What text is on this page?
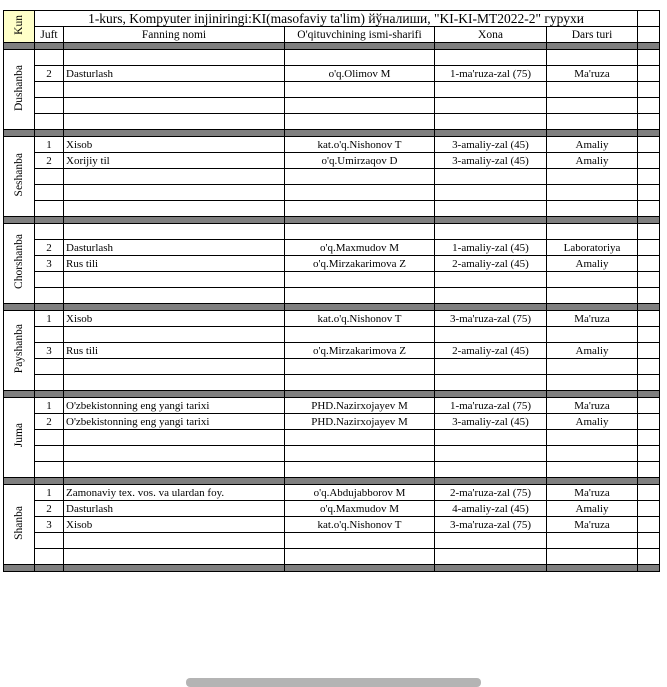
Kun	1-kurs, Kompyuter injiniringi:KI(masofaviy ta'lim) йўналиши, "KI-KI-MT2022-2" гурухи					
	Juft	Fanning nomi	O'qituvchining ismi-sharifi	Xona	Dars turi	

Dushanba						
	2	Dasturlash	o'q.Olimov M	1-ma'ruza-zal (75)	Ma'ruza	

Seshanba	1	Xisob	kat.o'q.Nishonov T	3-amaliy-zal (45)	Amaliy	
	2	Xorijiy til	o'q.Umirzaqov D	3-amaliy-zal (45)	Amaliy	

Chorshanba						
	2	Dasturlash	o'q.Maxmudov M	1-amaliy-zal (45)	Laboratoriya	
	3	Rus tili	o'q.Mirzakarimova Z	2-amaliy-zal (45)	Amaliy	

Payshanba	1	Xisob	kat.o'q.Nishonov T	3-ma'ruza-zal (75)	Ma'ruza	

	3	Rus tili	o'q.Mirzakarimova Z	2-amaliy-zal (45)	Amaliy	

Juma	1	O'zbekistonning eng yangi tarixi	PHD.Nazirxojayev M	1-ma'ruza-zal (75)	Ma'ruza	
	2	O'zbekistonning eng yangi tarixi	PHD.Nazirxojayev M	3-amaliy-zal (45)	Amaliy	

Shanba	1	Zamonaviy tex. vos. va ulardan foy.	o'q.Abdujabborov M	2-ma'ruza-zal (75)	Ma'ruza	
	2	Dasturlash	o'q.Maxmudov M	4-amaliy-zal (45)	Amaliy	
	3	Xisob	kat.o'q.Nishonov T	3-ma'ruza-zal (75)	Ma'ruza	
